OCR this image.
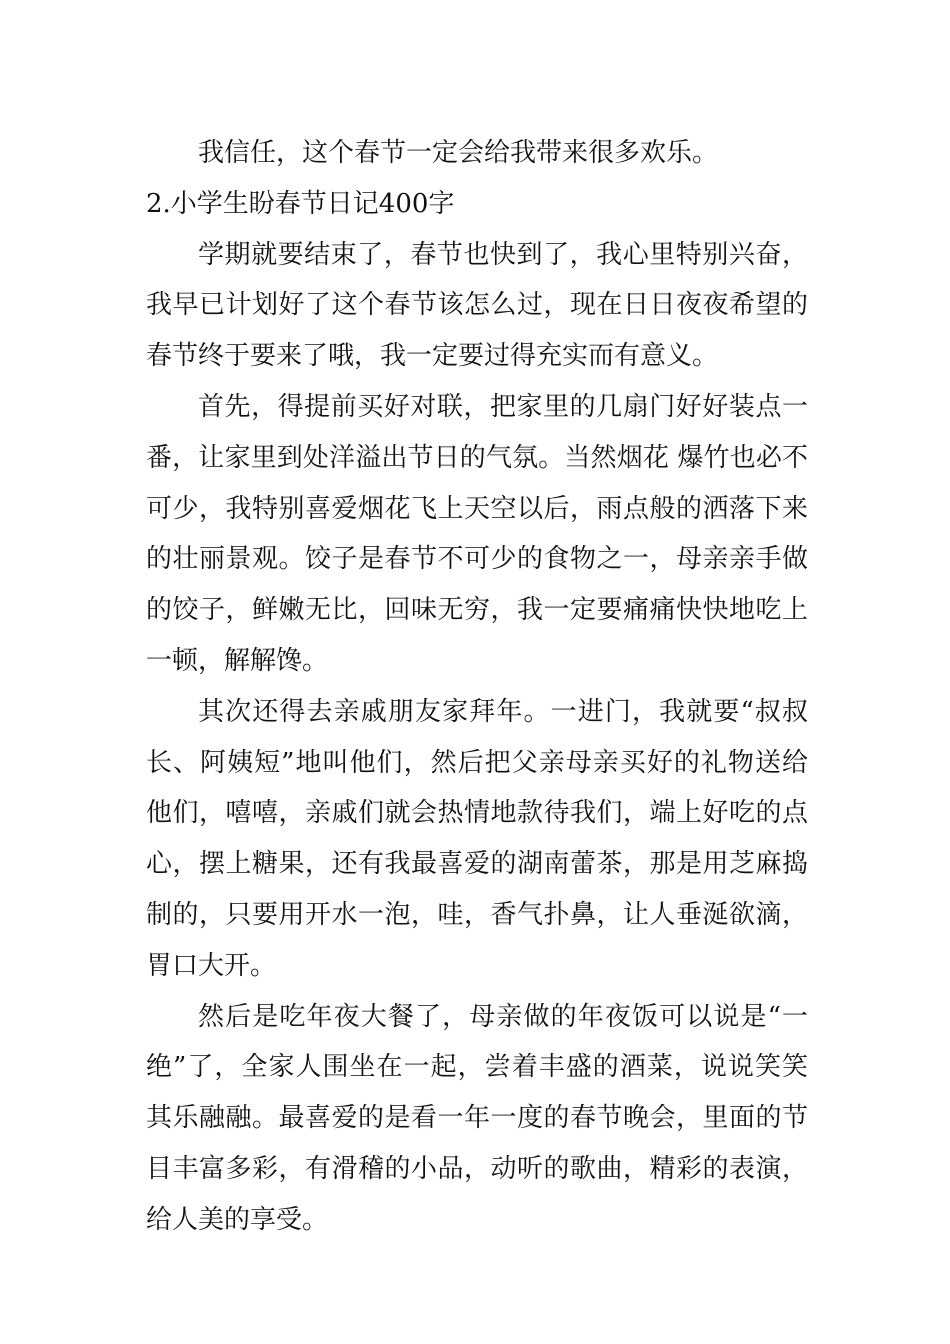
我信任，这个春节一定会给我带来很多欢乐。
2.小学生盼春节日记400字
学期就要结束了，春节也快到了，我心里特别兴奋，
我早已计划好了这个春节该怎么过，现在日日夜夜希望的
春节终于要来了哦，我一定要过得充实而有意义。
首先，得提前买好对联，把家里的几扇门好好装点一
番，让家里到处洋溢出节日的气氛。当然烟花 爆竹也必不
可少，我特别喜爱烟花飞上天空以后，雨点般的洒落下来
的壮丽景观。饺子是春节不可少的食物之一，母亲亲手做
的饺子，鲜嫩无比，回味无穷，我一定要痛痛快快地吃上
一顿，解解馋。
其次还得去亲戚朋友家拜年。一进门，我就要“叔叔
长、阿姨短”地叫他们，然后把父亲母亲买好的礼物送给
他们，嘻嘻，亲戚们就会热情地款待我们，端上好吃的点
心，摆上糖果，还有我最喜爱的湖南蕾茶，那是用芝麻捣
制的，只要用开水一泡，哇，香气扑鼻，让人垂涎欲滴，
胃口大开。
然后是吃年夜大餐了，母亲做的年夜饭可以说是“一
绝”了，全家人围坐在一起，尝着丰盛的酒菜，说说笑笑
其乐融融。最喜爱的是看一年一度的春节晚会，里面的节
目丰富多彩，有滑稽的小品，动听的歌曲，精彩的表演，
给人美的享受。
